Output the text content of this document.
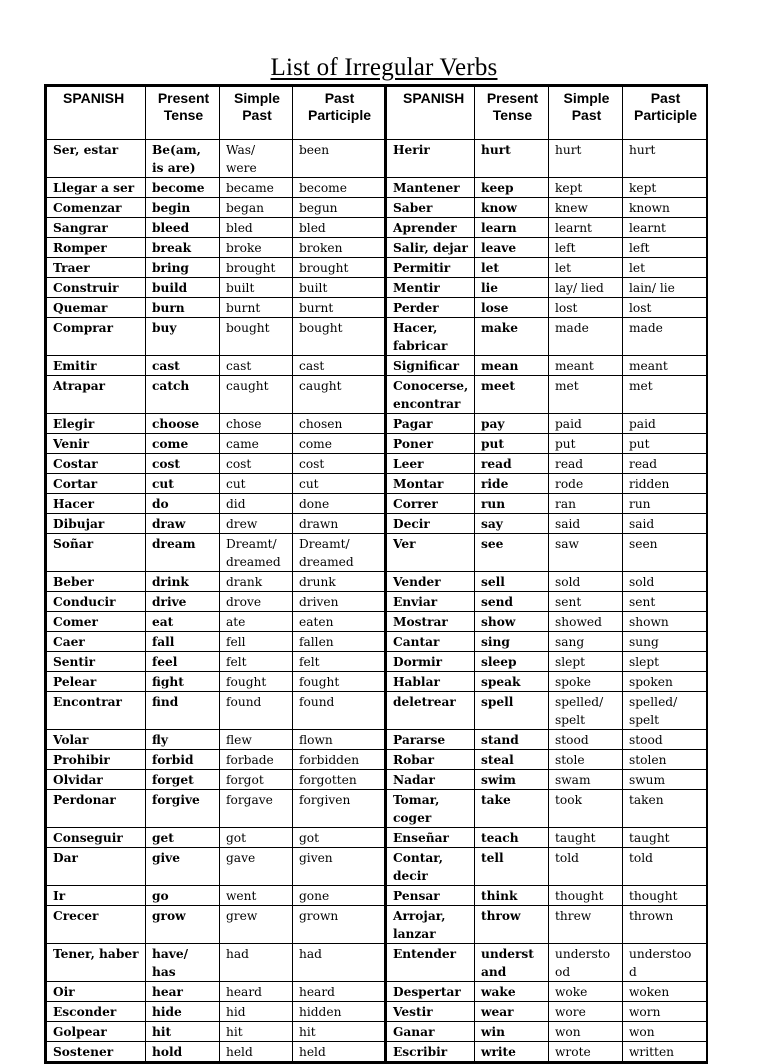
List of Irregular Verbs
SPANISH	Present Tense	Simple Past	Past Participle	SPANISH	Present Tense	Simple Past	Past Participle
Ser, estar	Be(am, is are)	Was/ were	been	Herir	hurt	hurt	hurt
Llegar a ser	become	became	become	Mantener	keep	kept	kept
Comenzar	begin	began	begun	Saber	know	knew	known
Sangrar	bleed	bled	bled	Aprender	learn	learnt	learnt
Romper	break	broke	broken	Salir, dejar	leave	left	left
Traer	bring	brought	brought	Permitir	let	let	let
Construir	build	built	built	Mentir	lie	lay/ lied	lain/ lie
Quemar	burn	burnt	burnt	Perder	lose	lost	lost
Comprar	buy	bought	bought	Hacer, fabricar	make	made	made
Emitir	cast	cast	cast	Significar	mean	meant	meant
Atrapar	catch	caught	caught	Conocerse, encontrar	meet	met	met
Elegir	choose	chose	chosen	Pagar	pay	paid	paid
Venir	come	came	come	Poner	put	put	put
Costar	cost	cost	cost	Leer	read	read	read
Cortar	cut	cut	cut	Montar	ride	rode	ridden
Hacer	do	did	done	Correr	run	ran	run
Dibujar	draw	drew	drawn	Decir	say	said	said
Soñar	dream	Dreamt/ dreamed	Dreamt/ dreamed	Ver	see	saw	seen
Beber	drink	drank	drunk	Vender	sell	sold	sold
Conducir	drive	drove	driven	Enviar	send	sent	sent
Comer	eat	ate	eaten	Mostrar	show	showed	shown
Caer	fall	fell	fallen	Cantar	sing	sang	sung
Sentir	feel	felt	felt	Dormir	sleep	slept	slept
Pelear	fight	fought	fought	Hablar	speak	spoke	spoken
Encontrar	find	found	found	deletrear	spell	spelled/ spelt	spelled/ spelt
Volar	fly	flew	flown	Pararse	stand	stood	stood
Prohibir	forbid	forbade	forbidden	Robar	steal	stole	stolen
Olvidar	forget	forgot	forgotten	Nadar	swim	swam	swum
Perdonar	forgive	forgave	forgiven	Tomar, coger	take	took	taken
Conseguir	get	got	got	Enseñar	teach	taught	taught
Dar	give	gave	given	Contar, decir	tell	told	told
Ir	go	went	gone	Pensar	think	thought	thought
Crecer	grow	grew	grown	Arrojar, lanzar	throw	threw	thrown
Tener, haber	have/ has	had	had	Entender	underst and	understo od	understoo d
Oir	hear	heard	heard	Despertar	wake	woke	woken
Esconder	hide	hid	hidden	Vestir	wear	wore	worn
Golpear	hit	hit	hit	Ganar	win	won	won
Sostener	hold	held	held	Escribir	write	wrote	written
